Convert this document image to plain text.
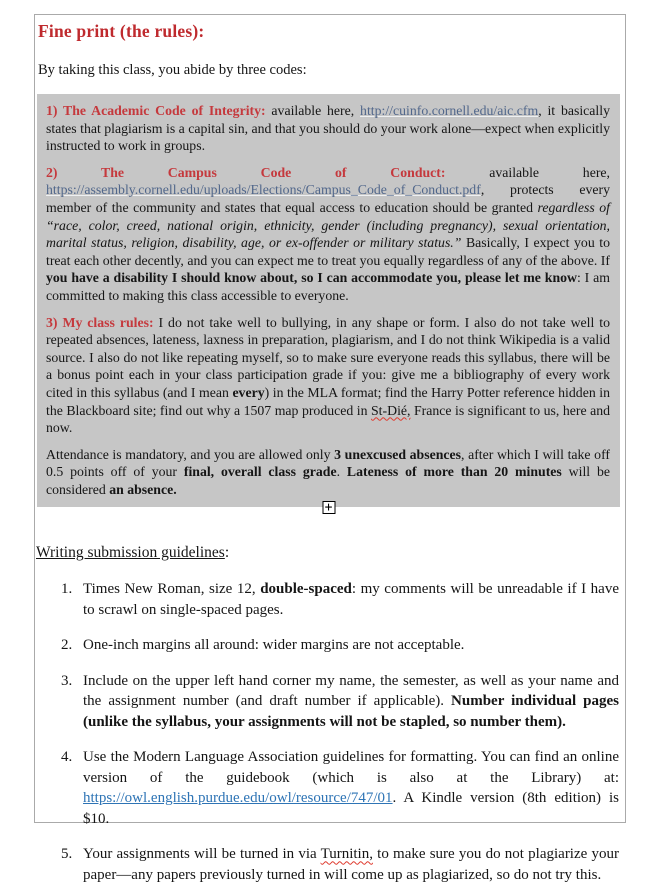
Fine print (the rules):

By taking this class, you abide by three codes:

1) The Academic Code of Integrity: available here, http://cuinfo.cornell.edu/aic.cfm, it basically states that plagiarism is a capital sin, and that you should do your work alone—expect when explicitly instructed to work in groups.

2) The Campus Code of Conduct: available here, https://assembly.cornell.edu/uploads/Elections/Campus_Code_of_Conduct.pdf, protects every member of the community and states that equal access to education should be granted regardless of “race, color, creed, national origin, ethnicity, gender (including pregnancy), sexual orientation, marital status, religion, disability, age, or ex-offender or military status.” Basically, I expect you to treat each other decently, and you can expect me to treat you equally regardless of any of the above. If you have a disability I should know about, so I can accommodate you, please let me know: I am committed to making this class accessible to everyone.

3) My class rules: I do not take well to bullying, in any shape or form. I also do not take well to repeated absences, lateness, laxness in preparation, plagiarism, and I do not think Wikipedia is a valid source. I also do not like repeating myself, so to make sure everyone reads this syllabus, there will be a bonus point each in your class participation grade if you: give me a bibliography of every work cited in this syllabus (and I mean every) in the MLA format; find the Harry Potter reference hidden in the Blackboard site; find out why a 1507 map produced in St-Dié, France is significant to us, here and now.

Attendance is mandatory, and you are allowed only 3 unexcused absences, after which I will take off 0.5 points off of your final, overall class grade. Lateness of more than 20 minutes will be considered an absence.

+
Writing submission guidelines:
1. Times New Roman, size 12, double-spaced: my comments will be unreadable if I have to scrawl on single-spaced pages.
2. One-inch margins all around: wider margins are not acceptable.
3. Include on the upper left hand corner my name, the semester, as well as your name and the assignment number (and draft number if applicable). Number individual pages (unlike the syllabus, your assignments will not be stapled, so number them).
4. Use the Modern Language Association guidelines for formatting. You can find an online version of the guidebook (which is also at the Library) at: https://owl.english.purdue.edu/owl/resource/747/01. A Kindle version (8th edition) is $10.
5. Your assignments will be turned in via Turnitin, to make sure you do not plagiarize your paper—any papers previously turned in will come up as plagiarized, so do not try this.
